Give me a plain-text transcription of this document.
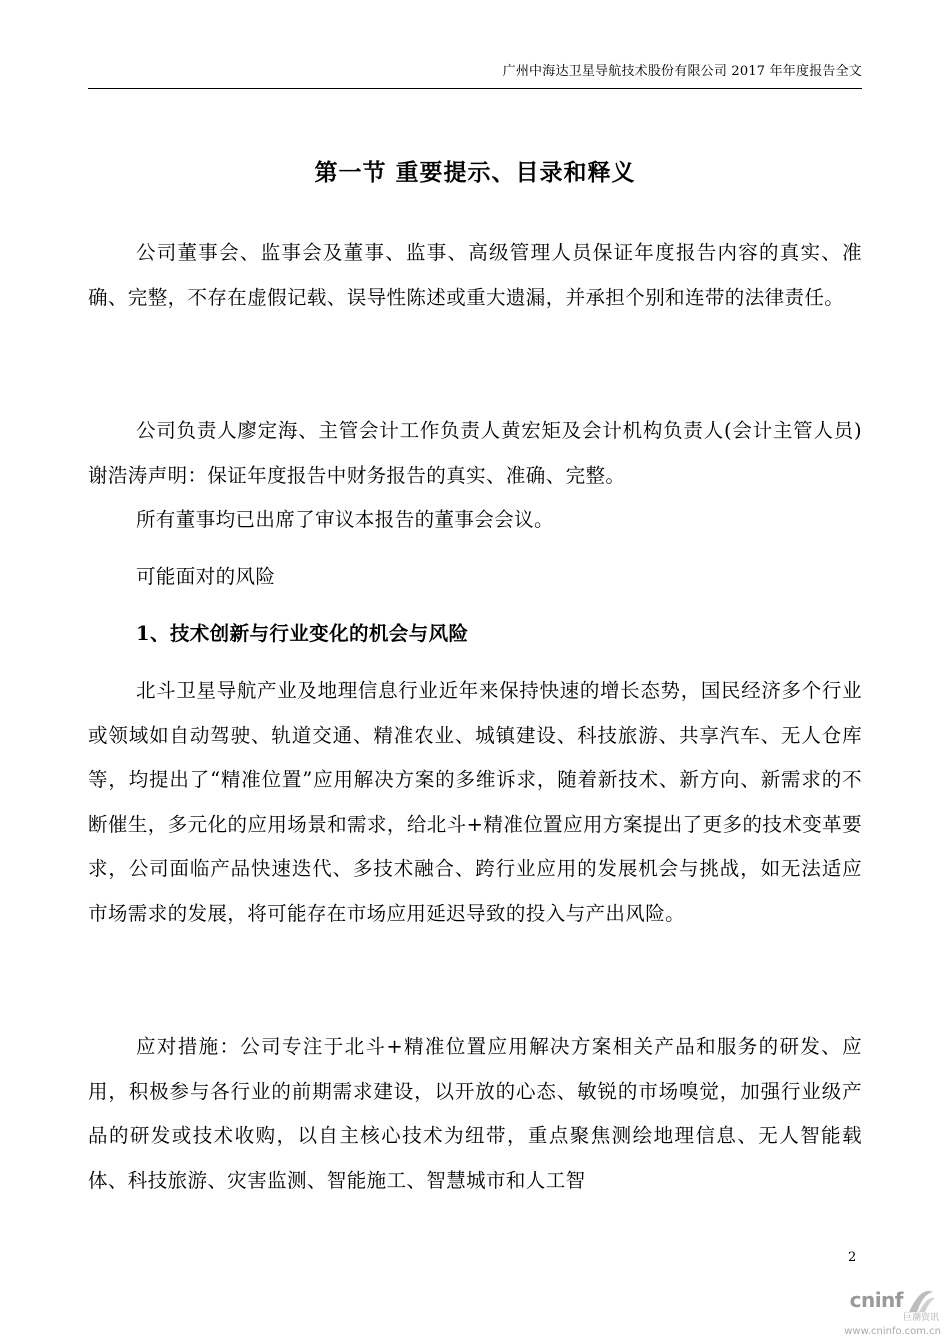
广州中海达卫星导航技术股份有限公司 2017 年年度报告全文
第一节 重要提示、目录和释义
公司董事会、监事会及董事、监事、高级管理人员保证年度报告内容的真实、准确、完整，不存在虚假记载、误导性陈述或重大遗漏，并承担个别和连带的法律责任。
公司负责人廖定海、主管会计工作负责人黄宏矩及会计机构负责人(会计主管人员)谢浩涛声明：保证年度报告中财务报告的真实、准确、完整。
所有董事均已出席了审议本报告的董事会会议。
可能面对的风险
1、技术创新与行业变化的机会与风险
北斗卫星导航产业及地理信息行业近年来保持快速的增长态势，国民经济多个行业或领域如自动驾驶、轨道交通、精准农业、城镇建设、科技旅游、共享汽车、无人仓库等，均提出了“精准位置”应用解决方案的多维诉求，随着新技术、新方向、新需求的不断催生，多元化的应用场景和需求，给北斗+精准位置应用方案提出了更多的技术变革要求，公司面临产品快速迭代、多技术融合、跨行业应用的发展机会与挑战，如无法适应市场需求的发展，将可能存在市场应用延迟导致的投入与产出风险。
应对措施：公司专注于北斗+精准位置应用解决方案相关产品和服务的研发、应用，积极参与各行业的前期需求建设，以开放的心态、敏锐的市场嗅觉，加强行业级产品的研发或技术收购，以自主核心技术为纽带，重点聚焦测绘地理信息、无人智能载体、科技旅游、灾害监测、智能施工、智慧城市和人工智
2
cninf
巨潮资讯
www.cninfo.com.cn
